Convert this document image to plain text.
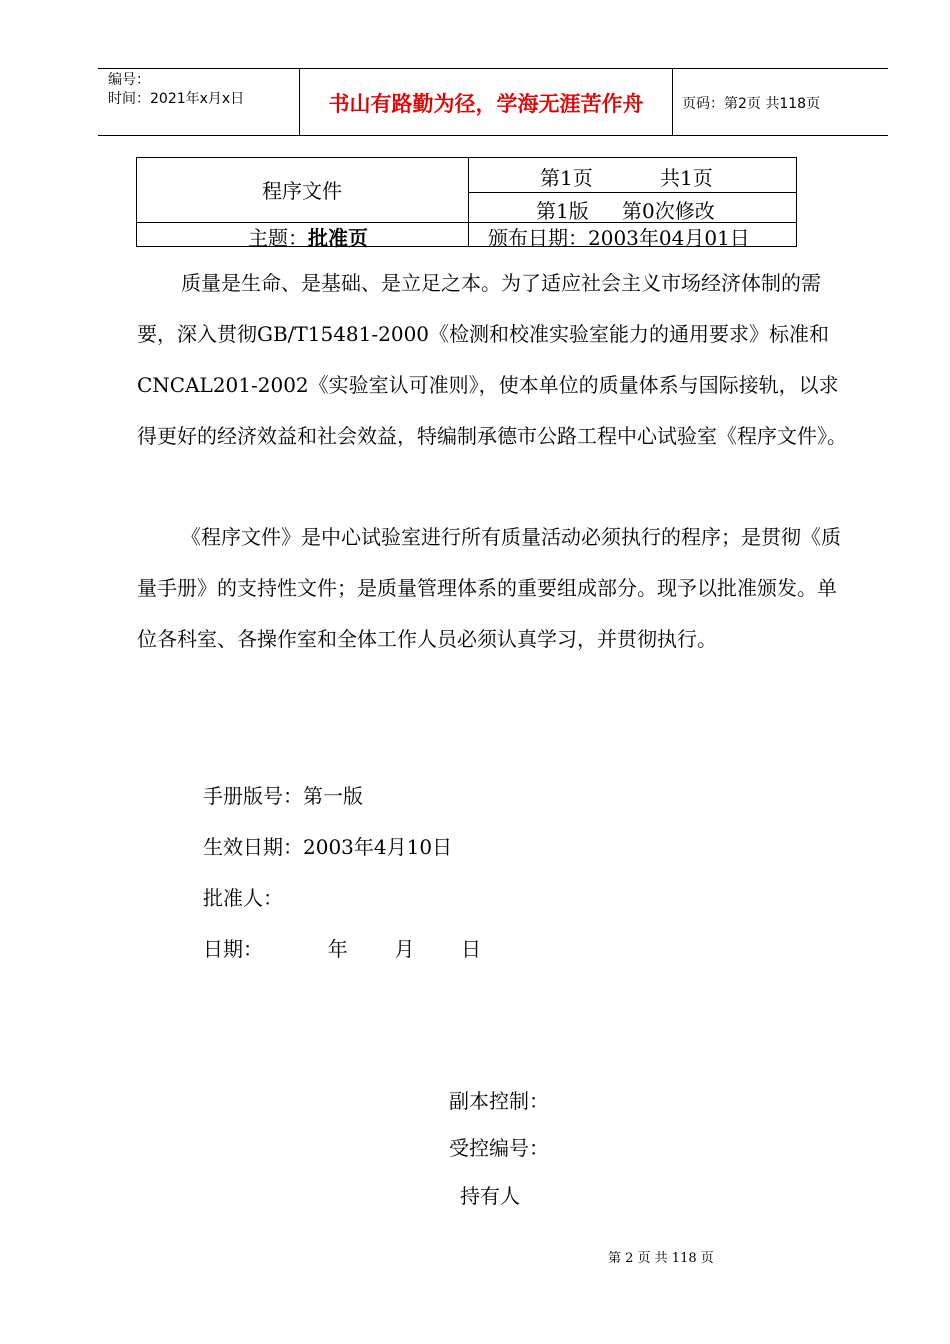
编号：
时间：2021年x月x日	书山有路勤为径，学海无涯苦作舟	页码：第2页 共118页
程序文件
第1页	共1页
第1版 第0次修改
主题：批准页	颁布日期：2003年04月01日

质量是生命、是基础、是立足之本。为了适应社会主义市场经济体制的需要，深入贯彻GB/T15481-2000《检测和校准实验室能力的通用要求》标准和CNCAL201-2002《实验室认可准则》，使本单位的质量体系与国际接轨，以求得更好的经济效益和社会效益，特编制承德市公路工程中心试验室《程序文件》。

《程序文件》是中心试验室进行所有质量活动必须执行的程序；是贯彻《质量手册》的支持性文件；是质量管理体系的重要组成部分。现予以批准颁发。单位各科室、各操作室和全体工作人员必须认真学习，并贯彻执行。

手册版号：第一版
生效日期：2003年4月10日
批准人：
日期：	年 月 日
副本控制：
受控编号：
持有人
第 2 页 共 118 页
